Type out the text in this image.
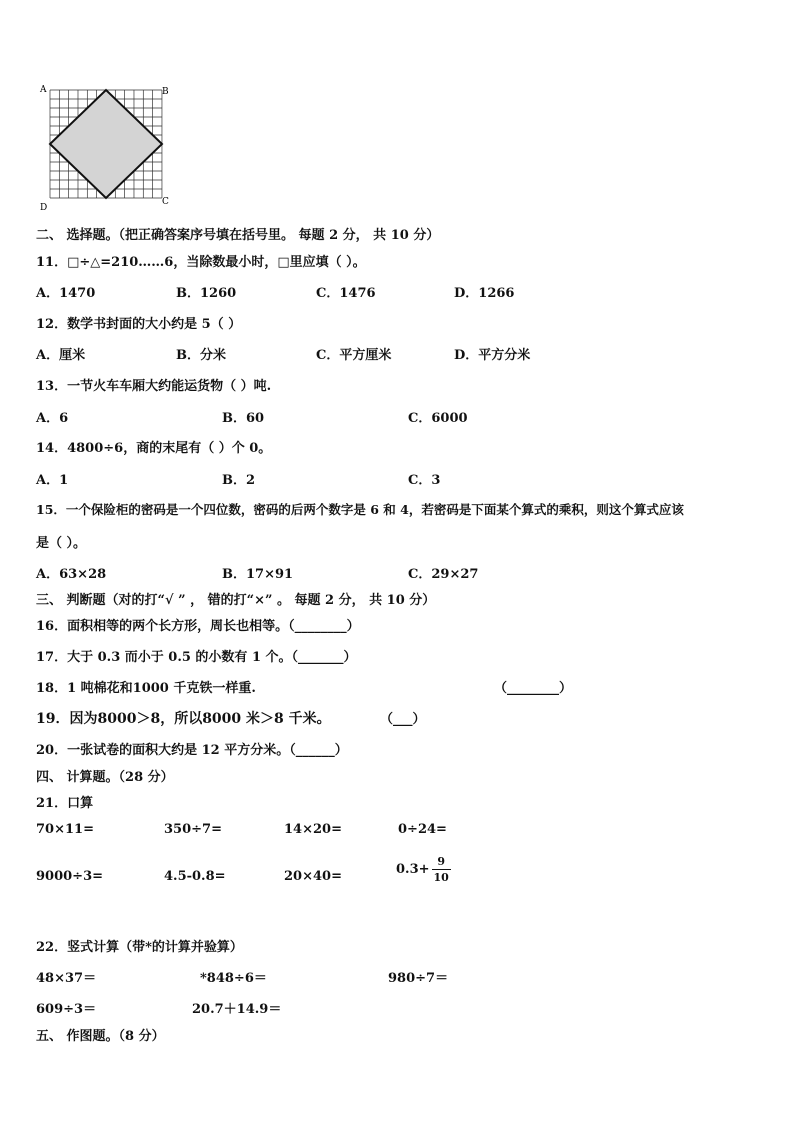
A	B
C
D
二、 选择题。（把正确答案序号填在括号里。 每题 2 分， 共 10 分）
11．□÷△=210……6，当除数最小时，□里应填（ ）。
A．1470	B．1260	C．1476	D．1266
12．数学书封面的大小约是 5（ ）
A．厘米	B．分米	C．平方厘米	D．平方分米
13．一节火车车厢大约能运货物（ ）吨.
A．6	B．60	C．6000
14．4800÷6，商的末尾有（ ）个 0。
A．1	B．2	C．3
15．一个保险柜的密码是一个四位数，密码的后两个数字是 6 和 4，若密码是下面某个算式的乘积，则这个算式应该
是（ ）。
A．63×28	B．17×91	C．29×27
三、 判断题（对的打“√ ” ， 错的打“×” 。 每题 2 分， 共 10 分）
16．面积相等的两个长方形，周长也相等。（________）
17．大于 0.3 而小于 0.5 的小数有 1 个。（_______）
18．1 吨棉花和1000 千克铁一样重.	（________）
19．因为8000＞8，所以8000 米＞8 千米。	（___）
20．一张试卷的面积大约是 12 平方分米。（______）
四、 计算题。（28 分）
21．口算
70×11=	350÷7=	14×20=	0÷24=
9000÷3=	4.5-0.8=	20×40=	$0.3+ \frac{9}{10}$
22．竖式计算（带*的计算并验算）
48×37＝	*848÷6＝	980÷7＝
609÷3＝	20.7＋14.9＝
五、 作图题。（8 分）
